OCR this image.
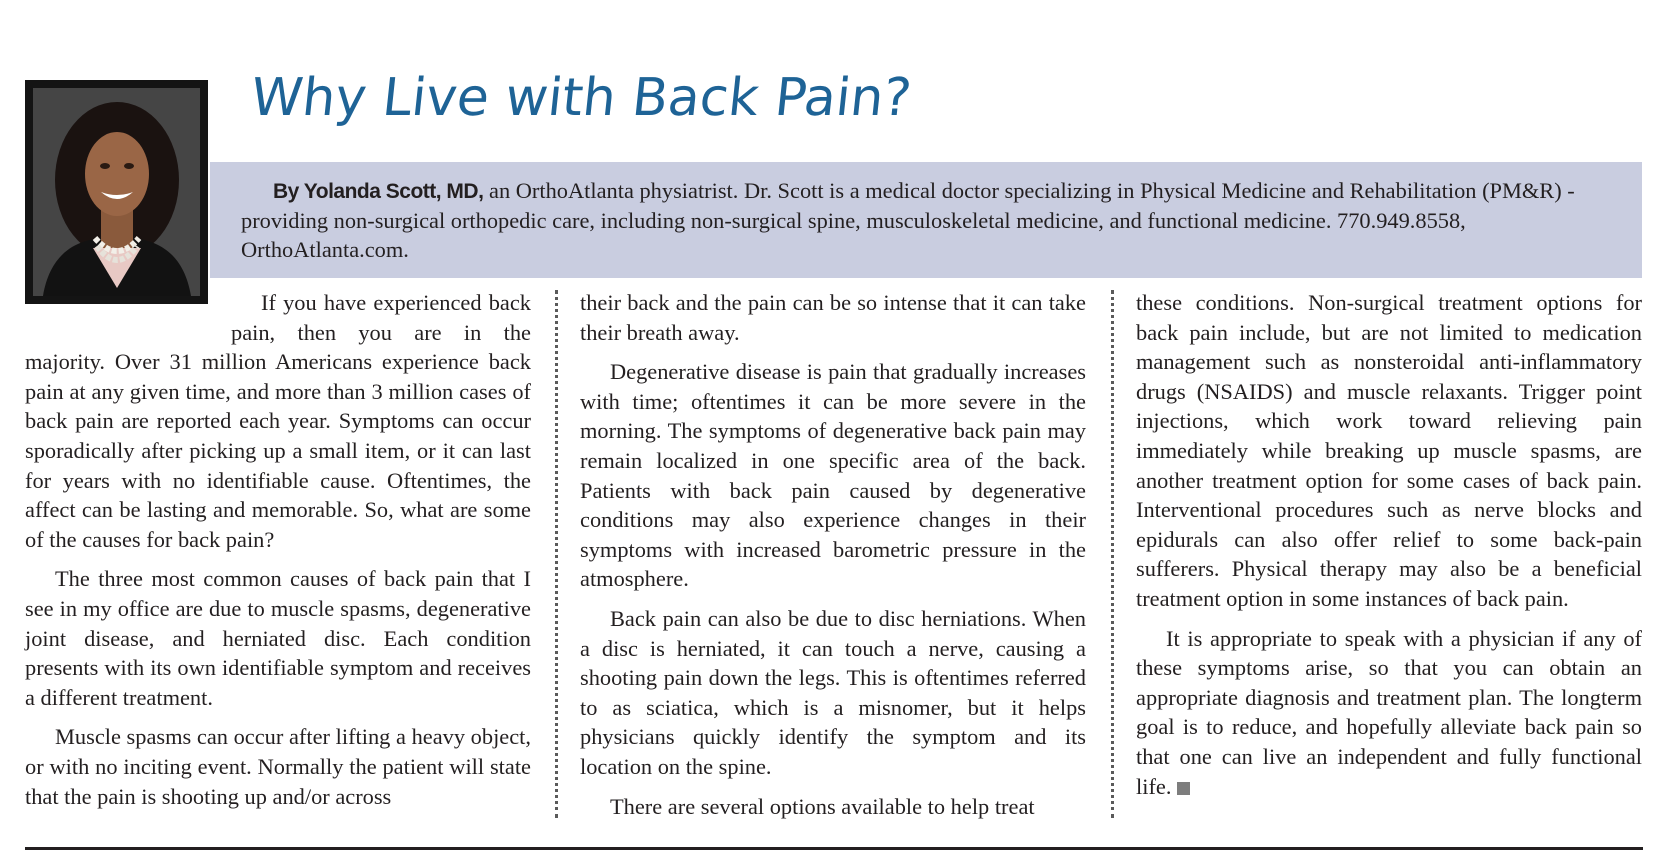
Why Live with Back Pain?

By Yolanda Scott, MD, an OrthoAtlanta physiatrist. Dr. Scott is a medical doctor specializing in Physical Medicine and Rehabilitation (PM&R) - providing non-surgical orthopedic care, including non-surgical spine, musculoskeletal medicine, and functional medicine. 770.949.8558, OrthoAtlanta.com.

If you have experienced back pain, then you are in the majority. Over 31 million Americans experience back pain at any given time, and more than 3 million cases of back pain are reported each year. Symptoms can occur sporadically after picking up a small item, or it can last for years with no identifiable cause. Oftentimes, the affect can be lasting and memorable. So, what are some of the causes for back pain?

The three most common causes of back pain that I see in my office are due to muscle spasms, degenerative joint disease, and herniated disc. Each condition presents with its own identifiable symptom and receives a different treatment.

Muscle spasms can occur after lifting a heavy object, or with no inciting event. Normally the patient will state that the pain is shooting up and/or across

their back and the pain can be so intense that it can take their breath away.

Degenerative disease is pain that gradually increases with time; oftentimes it can be more severe in the morning. The symptoms of degenerative back pain may remain localized in one specific area of the back. Patients with back pain caused by degenerative conditions may also experience changes in their symptoms with increased barometric pressure in the atmosphere.

Back pain can also be due to disc herniations. When a disc is herniated, it can touch a nerve, causing a shooting pain down the legs. This is oftentimes referred to as sciatica, which is a misnomer, but it helps physicians quickly identify the symptom and its location on the spine.

There are several options available to help treat

these conditions. Non-surgical treatment options for back pain include, but are not limited to medication management such as nonsteroidal anti-inflammatory drugs (NSAIDS) and muscle relaxants. Trigger point injections, which work toward relieving pain immediately while breaking up muscle spasms, are another treatment option for some cases of back pain. Interventional procedures such as nerve blocks and epidurals can also offer relief to some back-pain sufferers. Physical therapy may also be a beneficial treatment option in some instances of back pain.

It is appropriate to speak with a physician if any of these symptoms arise, so that you can obtain an appropriate diagnosis and treatment plan. The longterm goal is to reduce, and hopefully alleviate back pain so that one can live an independent and fully functional life.
